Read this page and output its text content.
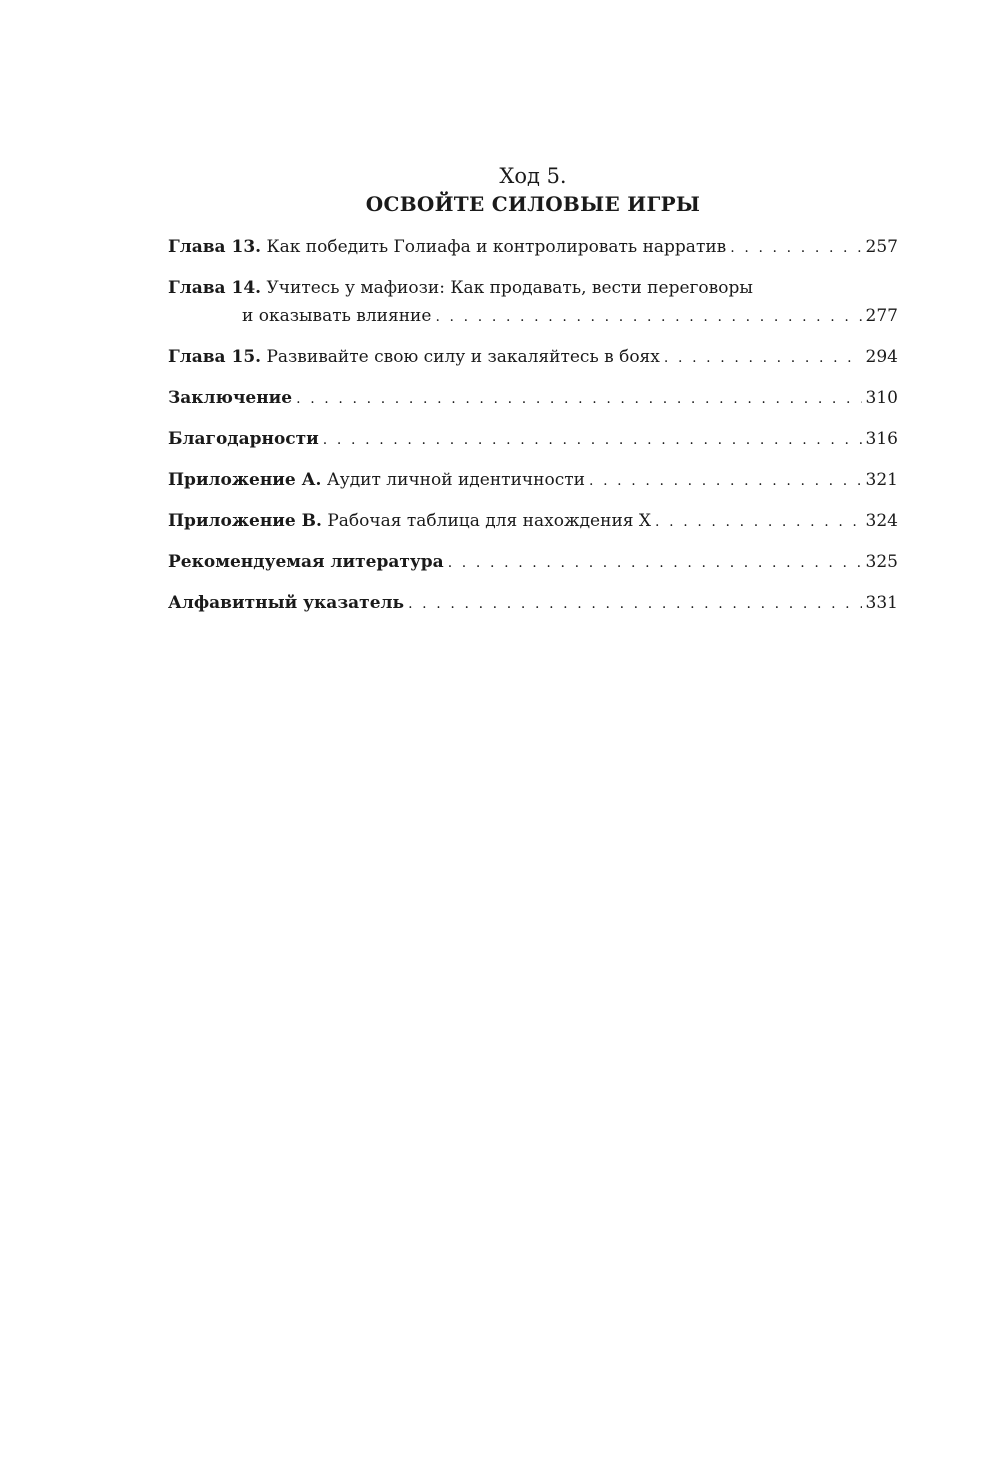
Ход 5.
ОСВОЙТЕ СИЛОВЫЕ ИГРЫ
Глава 13. Как победить Голиафа и контролировать нарратив . . .	257
Глава 14. Учитесь у мафиози: Как продавать, вести переговоры
и оказывать влияние . . .	277
Глава 15. Развивайте свою силу и закаляйтесь в боях . . .	294
Заключение . . .	310
Благодарности . . .	316
Приложение А. Аудит личной идентичности . . .	321
Приложение В. Рабочая таблица для нахождения Х . . .	324
Рекомендуемая литература . . .	325
Алфавитный указатель . . .	331
